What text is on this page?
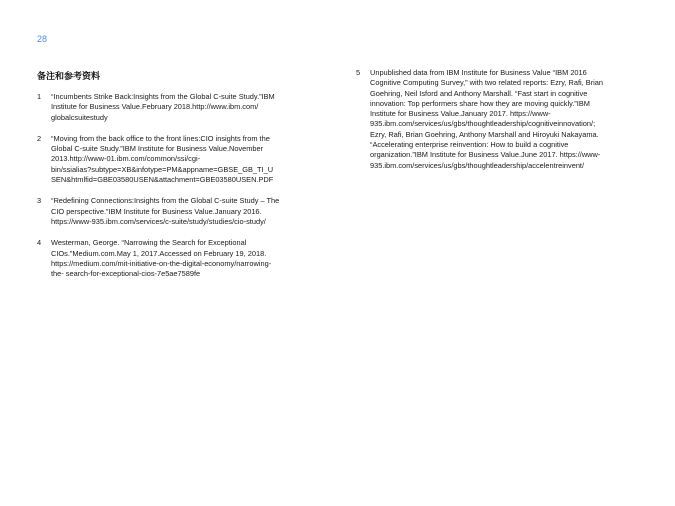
28
备注和参考资料
1	“Incumbents Strike Back:Insights from the Global C-suite Study.”IBM
Institute for Business Value.February 2018.http://www.ibm.com/
globalcsuitestudy
2	“Moving from the back office to the front lines:CIO insights from the
Global C-suite Study.”IBM Institute for Business Value.November
2013.http://www-01.ibm.com/common/ssi/cgi-
bin/ssialias?subtype=XB&infotype=PM&appname=GBSE_GB_TI_U
SEN&htmlfid=GBE03580USEN&attachment=GBE03580USEN.PDF
3	“Redefining Connections:Insights from the Global C-suite Study – The
CIO perspective.”IBM Institute for Business Value.January 2016.
https://www-935.ibm.com/services/c-suite/study/studies/cio-study/
4	Westerman, George. “Narrowing the Search for Exceptional
CIOs.”Medium.com.May 1, 2017.Accessed on February 19, 2018.
https://medium.com/mit-initiative-on-the-digital-economy/narrowing-
the- search-for-exceptional-cios-7e5ae7589fe
5	Unpublished data from IBM Institute for Business Value “IBM 2016
Cognitive Computing Survey,” with two related reports: Ezry, Rafi, Brian
Goehring, Neil Isford and Anthony Marshall. “Fast start in cognitive
innovation: Top performers share how they are moving quickly.”IBM
Institute for Business Value.January 2017. https://www-
935.ibm.com/services/us/gbs/thoughtleadership/cognitiveinnovation/;
Ezry, Rafi, Brian Goehring, Anthony Marshall and Hiroyuki Nakayama.
“Accelerating enterprise reinvention: How to build a cognitive
organization.”IBM Institute for Business Value.June 2017. https://www-
935.ibm.com/services/us/gbs/thoughtleadership/accelentreinvent/
